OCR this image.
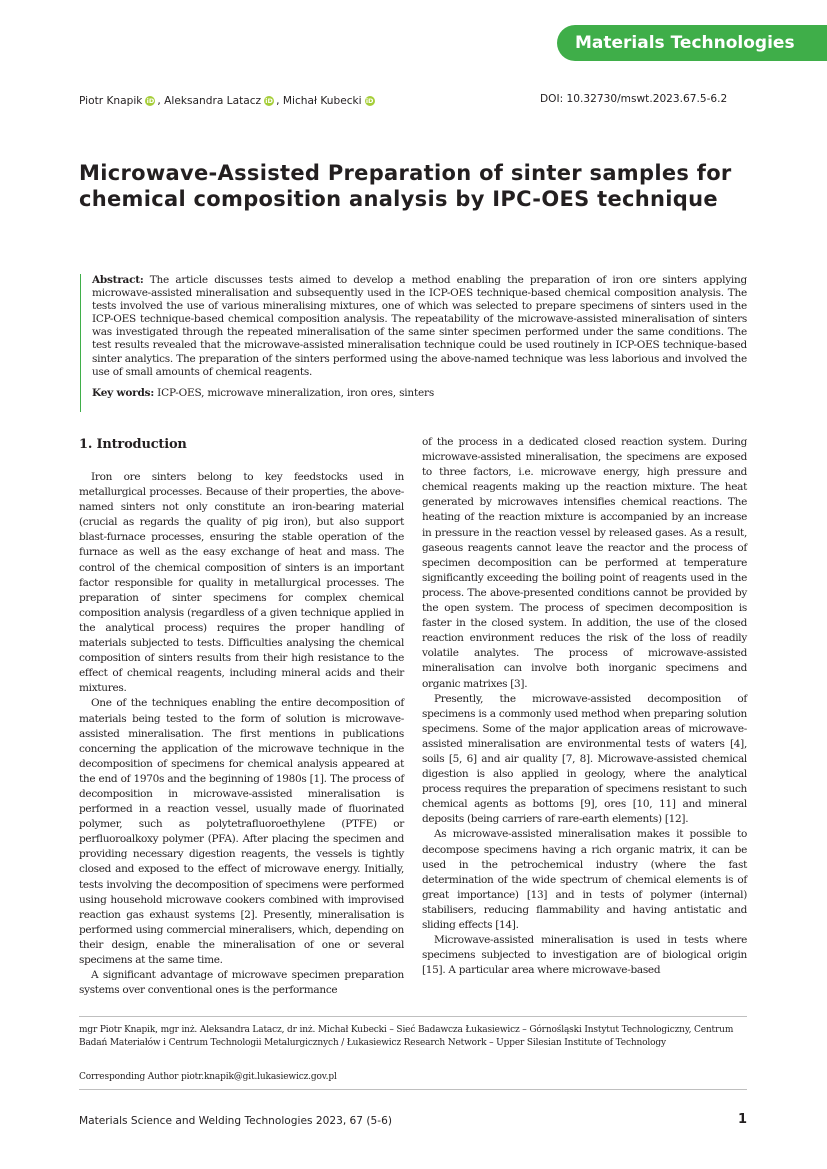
Materials Technologies
Piotr Knapik iD , Aleksandra Latacz iD , Michał Kubecki iD	DOI: 10.32730/mswt.2023.67.5-6.2
Microwave-Assisted Preparation of sinter samples for chemical composition analysis by IPC-OES technique

Abstract: The article discusses tests aimed to develop a method enabling the preparation of iron ore sinters applying microwave-assisted mineralisation and subsequently used in the ICP-OES technique-based chemical composition analysis. The tests involved the use of various mineralising mixtures, one of which was selected to prepare specimens of sinters used in the ICP-OES technique-based chemical composition analysis. The repeatability of the microwave-assisted mineralisation of sinters was investigated through the repeated mineralisation of the same sinter specimen performed under the same conditions. The test results revealed that the microwave-assisted mineralisation technique could be used routinely in ICP-OES technique-based sinter analytics. The preparation of the sinters performed using the above-named technique was less laborious and involved the use of small amounts of chemical reagents.

Key words: ICP-OES, microwave mineralization, iron ores, sinters
1. Introduction

Iron ore sinters belong to key feedstocks used in metallurgical processes. Because of their properties, the above-named sinters not only constitute an iron-bearing material (crucial as regards the quality of pig iron), but also support blast-furnace processes, ensuring the stable operation of the furnace as well as the easy exchange of heat and mass. The control of the chemical composition of sinters is an important factor responsible for quality in metallurgical processes. The preparation of sinter specimens for complex chemical composition analysis (regardless of a given technique applied in the analytical process) requires the proper handling of materials subjected to tests. Difficulties analysing the chemical composition of sinters results from their high resistance to the effect of chemical reagents, including mineral acids and their mixtures.

One of the techniques enabling the entire decomposition of materials being tested to the form of solution is microwave-assisted mineralisation. The first mentions in publications concerning the application of the microwave technique in the decomposition of specimens for chemical analysis appeared at the end of 1970s and the beginning of 1980s [1]. The process of decomposition in microwave-assisted mineralisation is performed in a reaction vessel, usually made of fluorinated polymer, such as polytetrafluoroethylene (PTFE) or perfluoroalkoxy polymer (PFA). After placing the specimen and providing necessary digestion reagents, the vessels is tightly closed and exposed to the effect of microwave energy. Initially, tests involving the decomposition of specimens were performed using household microwave cookers combined with improvised reaction gas exhaust systems [2]. Presently, mineralisation is performed using commercial mineralisers, which, depending on their design, enable the mineralisation of one or several specimens at the same time.

A significant advantage of microwave specimen preparation systems over conventional ones is the performance

of the process in a dedicated closed reaction system. During microwave-assisted mineralisation, the specimens are exposed to three factors, i.e. microwave energy, high pressure and chemical reagents making up the reaction mixture. The heat generated by microwaves intensifies chemical reactions. The heating of the reaction mixture is accompanied by an increase in pressure in the reaction vessel by released gases. As a result, gaseous reagents cannot leave the reactor and the process of specimen decomposition can be performed at temperature significantly exceeding the boiling point of reagents used in the process. The above-presented conditions cannot be provided by the open system. The process of specimen decomposition is faster in the closed system. In addition, the use of the closed reaction environment reduces the risk of the loss of readily volatile analytes. The process of microwave-assisted mineralisation can involve both inorganic specimens and organic matrixes [3].

Presently, the microwave-assisted decomposition of specimens is a commonly used method when preparing solution specimens. Some of the major application areas of microwave-assisted mineralisation are environmental tests of waters [4], soils [5, 6] and air quality [7, 8]. Microwave-assisted chemical digestion is also applied in geology, where the analytical process requires the preparation of specimens resistant to such chemical agents as bottoms [9], ores [10, 11] and mineral deposits (being carriers of rare-earth elements) [12].

As microwave-assisted mineralisation makes it possible to decompose specimens having a rich organic matrix, it can be used in the petrochemical industry (where the fast determination of the wide spectrum of chemical elements is of great importance) [13] and in tests of polymer (internal) stabilisers, reducing flammability and having antistatic and sliding effects [14].

Microwave-assisted mineralisation is used in tests where specimens subjected to investigation are of biological origin [15]. A particular area where microwave-based

mgr Piotr Knapik, mgr inż. Aleksandra Latacz, dr inż. Michał Kubecki – Sieć Badawcza Łukasiewicz – Górnośląski Instytut Technologiczny, Centrum Badań Materiałów i Centrum Technologii Metalurgicznych / Łukasiewicz Research Network – Upper Silesian Institute of Technology
Corresponding Author piotr.knapik@git.lukasiewicz.gov.pl
Materials Science and Welding Technologies 2023, 67 (5-6)	1
